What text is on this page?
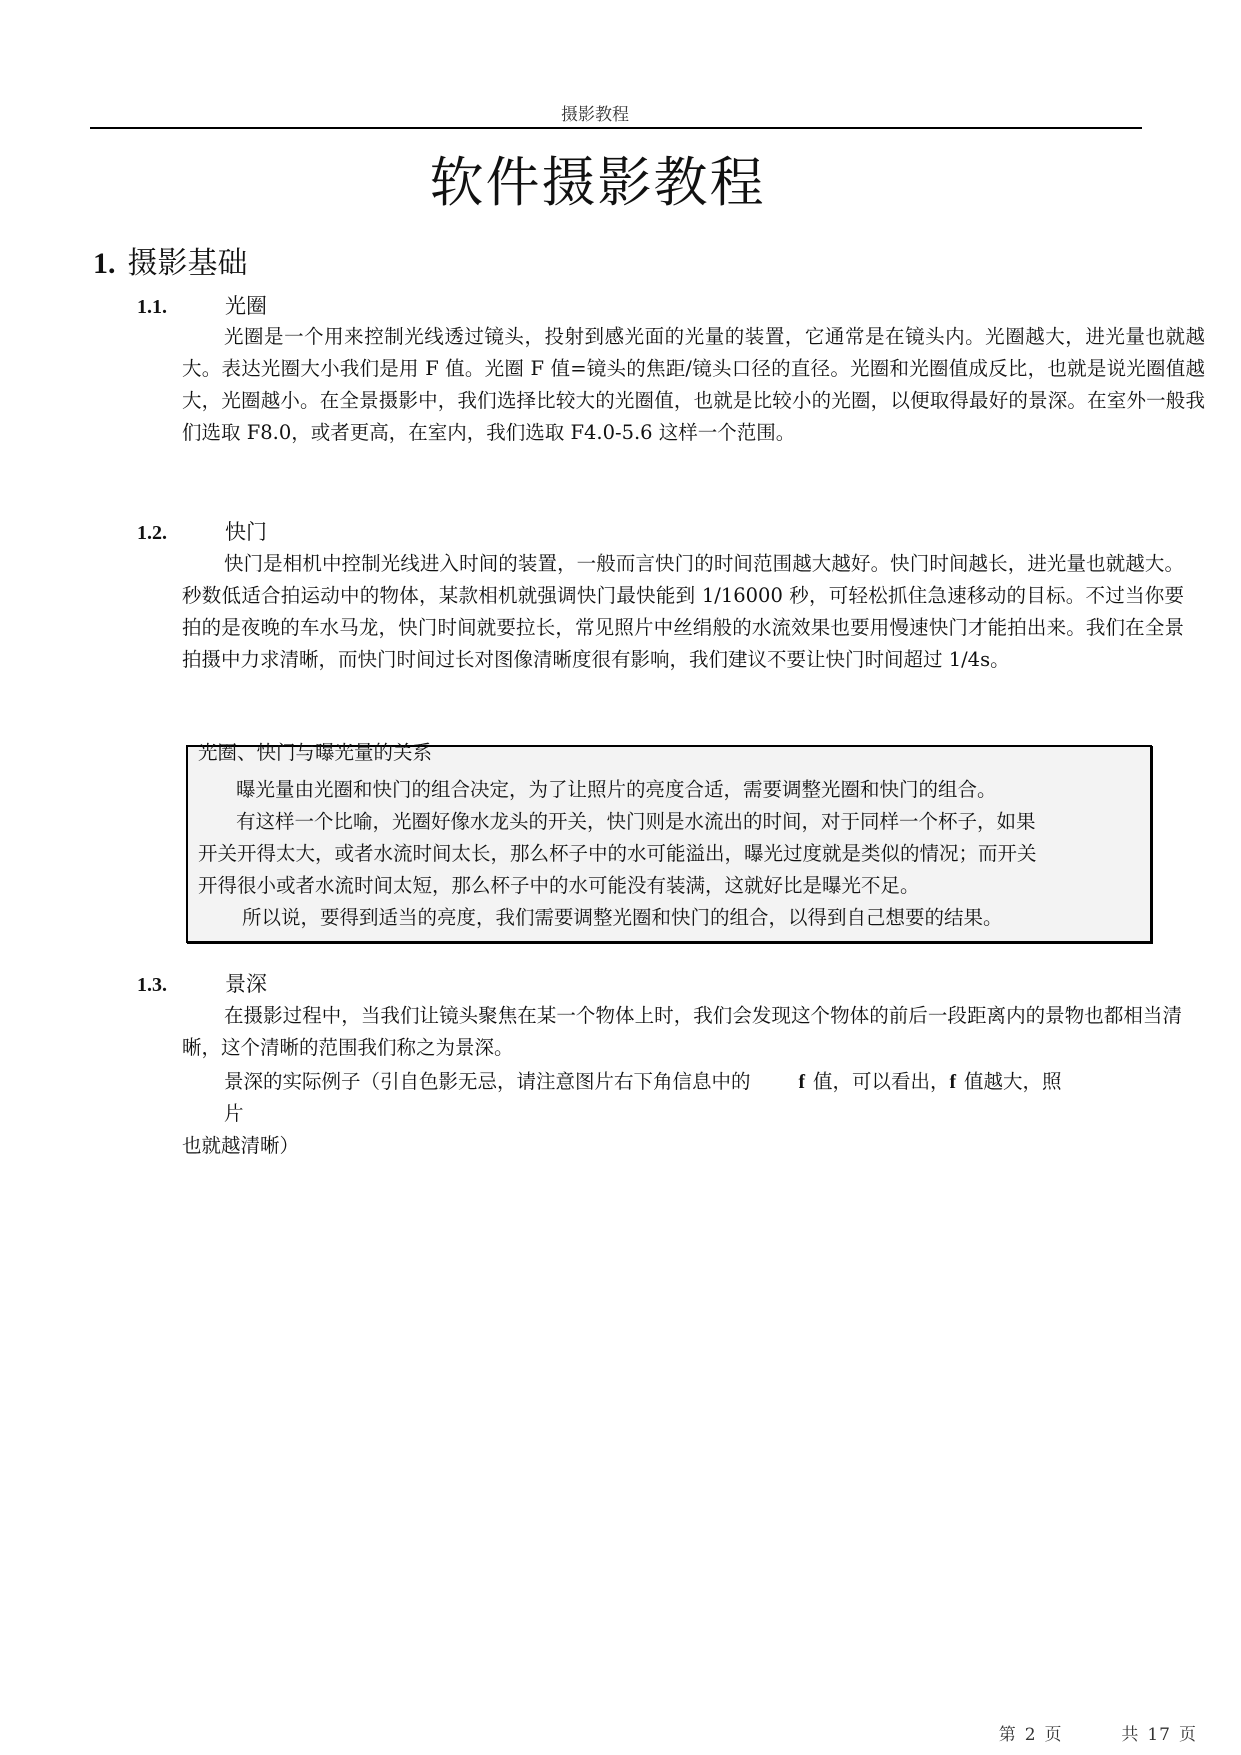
摄影教程
软件摄影教程
1. 摄影基础
1.1.	光圈

光圈是一个用来控制光线透过镜头，投射到感光面的光量的装置，它通常是在镜头内。光圈越大，进光量也就越大。表达光圈大小我们是用 F 值。光圈 F 值=镜头的焦距/镜头口径的直径。光圈和光圈值成反比，也就是说光圈值越大，光圈越小。在全景摄影中，我们选择比较大的光圈值，也就是比较小的光圈，以便取得最好的景深。在室外一般我们选取 F8.0，或者更高，在室内，我们选取 F4.0-5.6 这样一个范围。

1.2.	快门

快门是相机中控制光线进入时间的装置，一般而言快门的时间范围越大越好。快门时间越长，进光量也就越大。秒数低适合拍运动中的物体，某款相机就强调快门最快能到 1/16000 秒，可轻松抓住急速移动的目标。不过当你要拍的是夜晚的车水马龙，快门时间就要拉长，常见照片中丝绢般的水流效果也要用慢速快门才能拍出来。我们在全景拍摄中力求清晰，而快门时间过长对图像清晰度很有影响，我们建议不要让快门时间超过 1/4s。

光圈、快门与曝光量的关系
曝光量由光圈和快门的组合决定，为了让照片的亮度合适，需要调整光圈和快门的组合。
有这样一个比喻，光圈好像水龙头的开关，快门则是水流出的时间，对于同样一个杯子，如果
开关开得太大，或者水流时间太长，那么杯子中的水可能溢出，曝光过度就是类似的情况；而开关
开得很小或者水流时间太短，那么杯子中的水可能没有装满，这就好比是曝光不足。
所以说，要得到适当的亮度，我们需要调整光圈和快门的组合，以得到自己想要的结果。
1.3.	景深

在摄影过程中，当我们让镜头聚焦在某一个物体上时，我们会发现这个物体的前后一段距离内的景物也都相当清晰，这个清晰的范围我们称之为景深。

景深的实际例子（引自色影无忌，请注意图片右下角信息中的 f 值，可以看出，f 值越大，照
片
也就越清晰）
第 2 页	共 17 页
